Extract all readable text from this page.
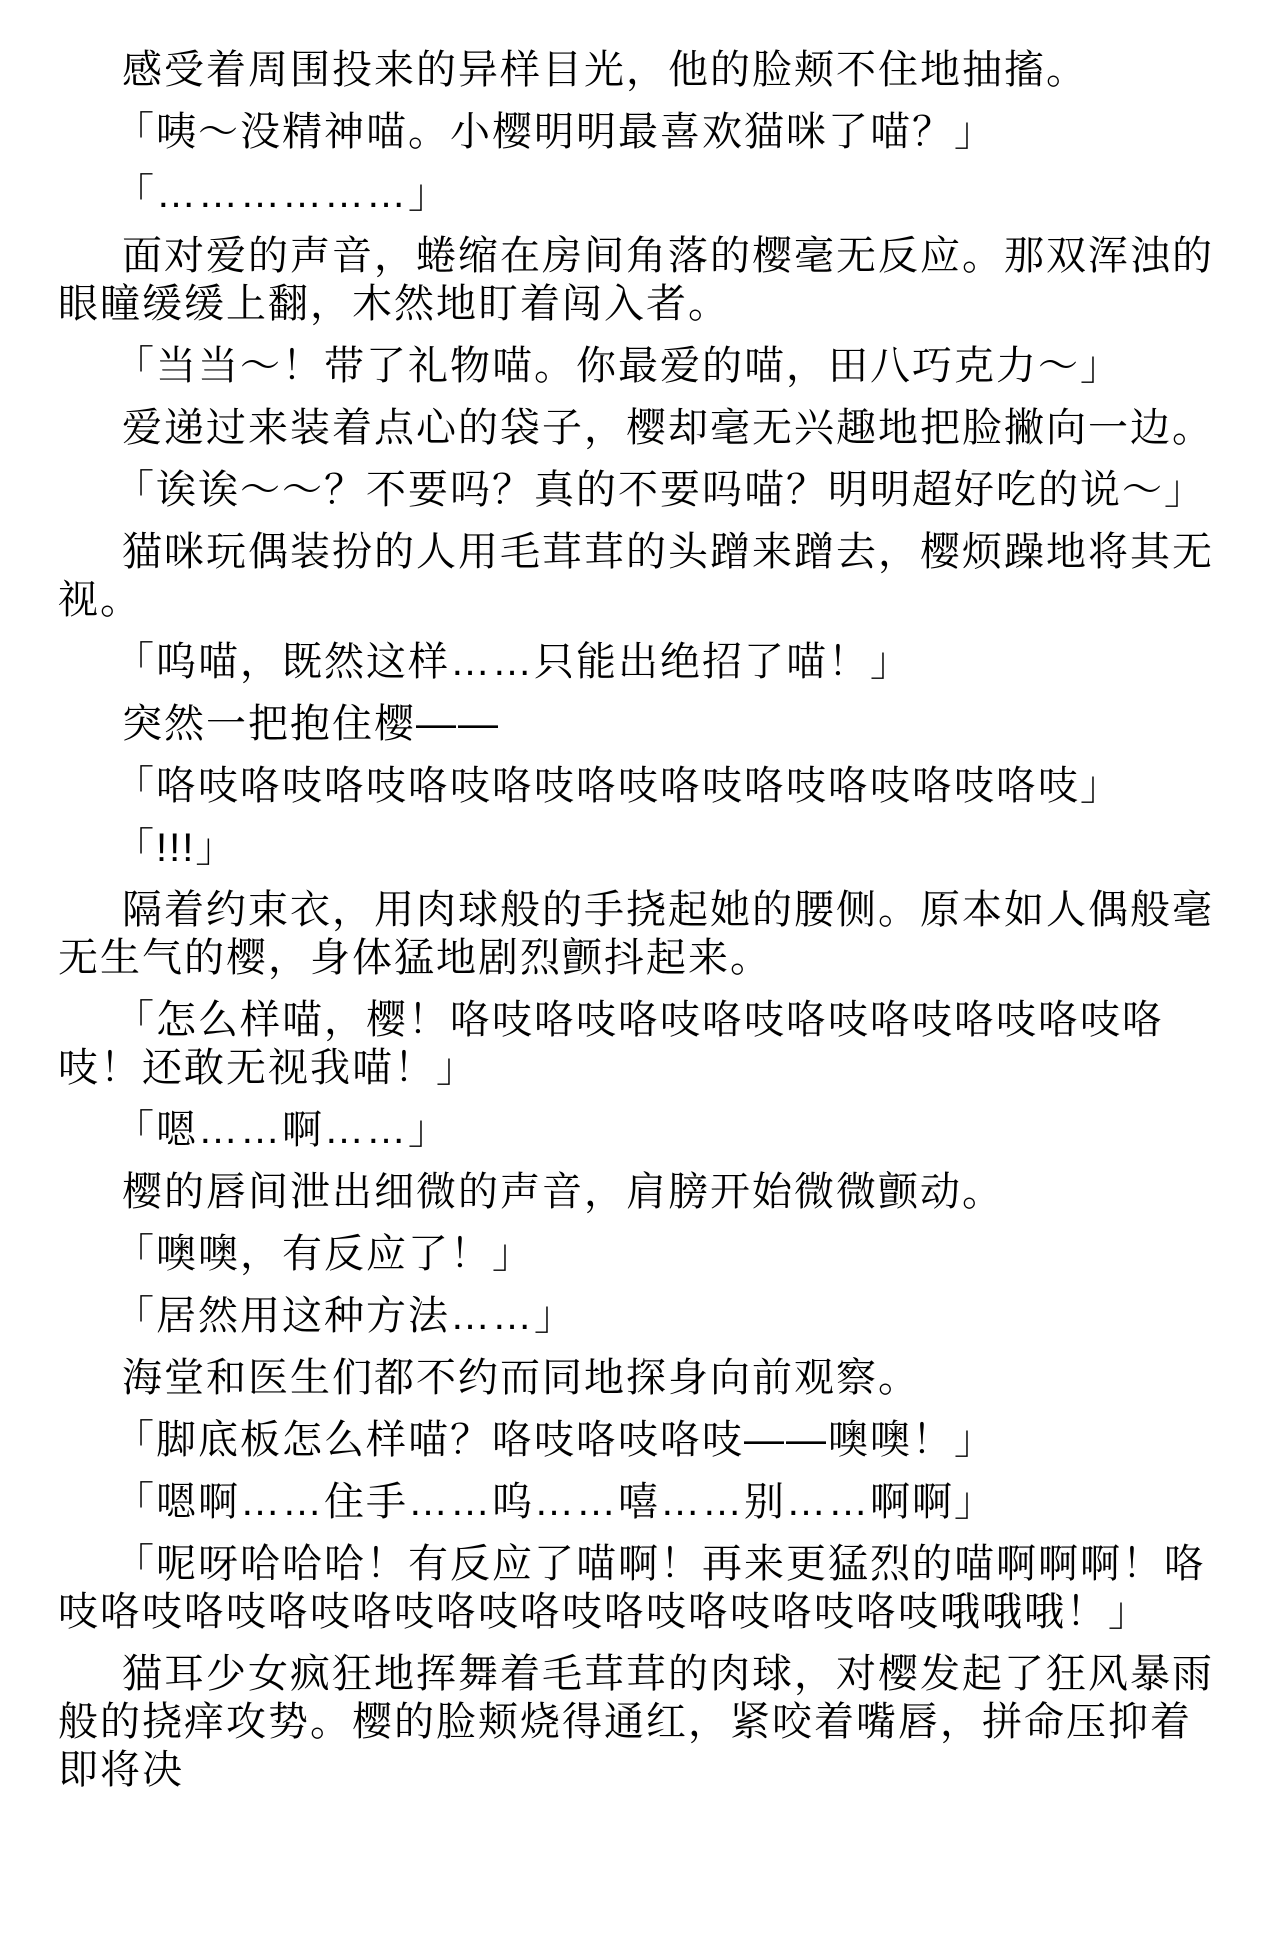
感受着周围投来的异样目光，他的脸颊不住地抽搐。

「咦～没精神喵。小樱明明最喜欢猫咪了喵？」

「………………」

面对爱的声音，蜷缩在房间角落的樱毫无反应。那双浑浊的眼瞳缓缓上翻，木然地盯着闯入者。

「当当～！带了礼物喵。你最爱的喵，田八巧克力～」

爱递过来装着点心的袋子，樱却毫无兴趣地把脸撇向一边。

「诶诶～～？不要吗？真的不要吗喵？明明超好吃的说～」

猫咪玩偶装扮的人用毛茸茸的头蹭来蹭去，樱烦躁地将其无视。

「呜喵，既然这样……只能出绝招了喵！」

突然一把抱住樱——

「咯吱咯吱咯吱咯吱咯吱咯吱咯吱咯吱咯吱咯吱咯吱」

「!!!」

隔着约束衣，用肉球般的手挠起她的腰侧。原本如人偶般毫无生气的樱，身体猛地剧烈颤抖起来。

「怎么样喵，樱！咯吱咯吱咯吱咯吱咯吱咯吱咯吱咯吱咯吱！还敢无视我喵！」

「嗯……啊……」

樱的唇间泄出细微的声音，肩膀开始微微颤动。

「噢噢，有反应了！」

「居然用这种方法……」

海堂和医生们都不约而同地探身向前观察。

「脚底板怎么样喵？咯吱咯吱咯吱——噢噢！」

「嗯啊……住手……呜……嘻……别……啊啊」

「呢呀哈哈哈！有反应了喵啊！再来更猛烈的喵啊啊啊！咯吱咯吱咯吱咯吱咯吱咯吱咯吱咯吱咯吱咯吱咯吱哦哦哦！」

猫耳少女疯狂地挥舞着毛茸茸的肉球，对樱发起了狂风暴雨般的挠痒攻势。樱的脸颊烧得通红，紧咬着嘴唇，拼命压抑着即将决
